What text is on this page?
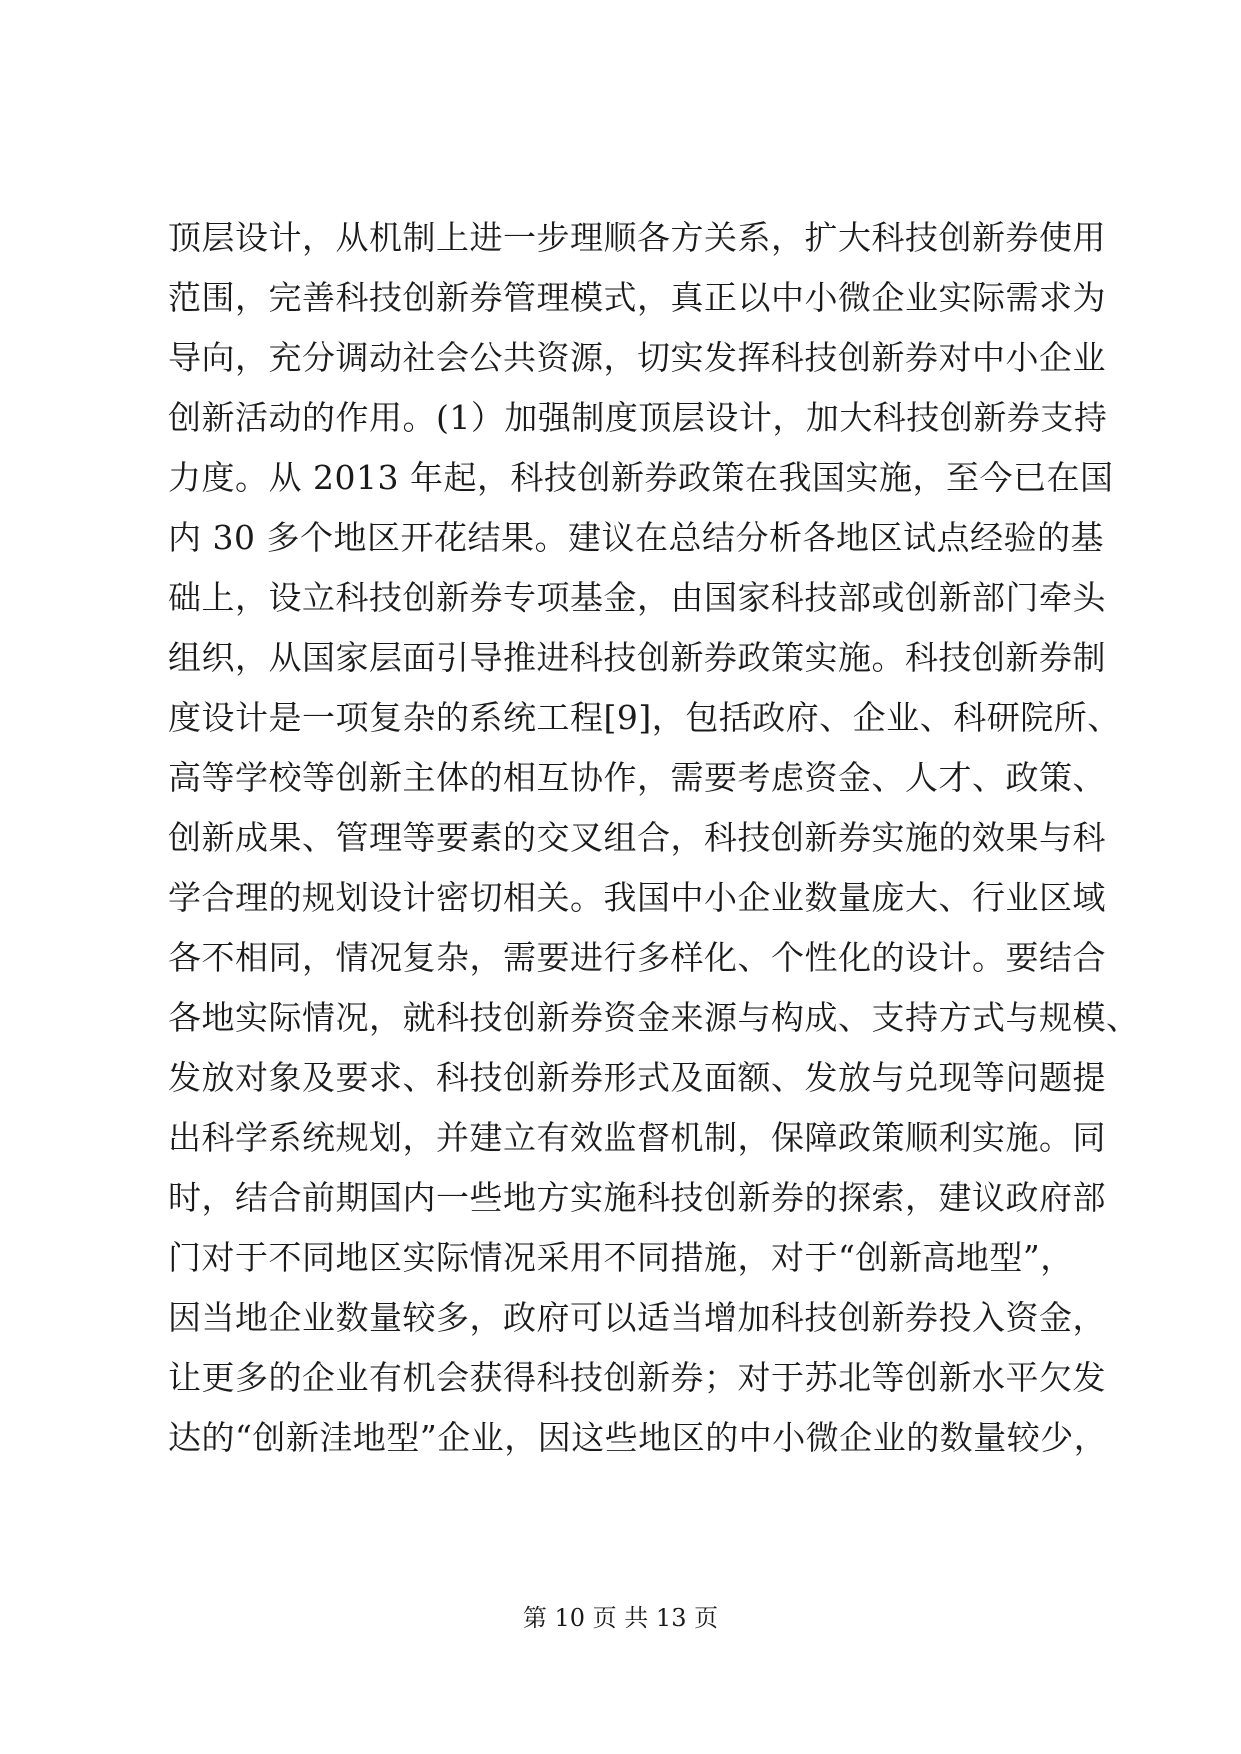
顶层设计，从机制上进一步理顺各方关系，扩大科技创新券使用
范围，完善科技创新券管理模式，真正以中小微企业实际需求为
导向，充分调动社会公共资源，切实发挥科技创新券对中小企业
创新活动的作用。(1）加强制度顶层设计，加大科技创新券支持
力度。从 2013 年起，科技创新券政策在我国实施，至今已在国
内 30 多个地区开花结果。建议在总结分析各地区试点经验的基
础上，设立科技创新券专项基金，由国家科技部或创新部门牵头
组织，从国家层面引导推进科技创新券政策实施。科技创新券制
度设计是一项复杂的系统工程[9]，包括政府、企业、科研院所、
高等学校等创新主体的相互协作，需要考虑资金、人才、政策、
创新成果、管理等要素的交叉组合，科技创新券实施的效果与科
学合理的规划设计密切相关。我国中小企业数量庞大、行业区域
各不相同，情况复杂，需要进行多样化、个性化的设计。要结合
各地实际情况，就科技创新券资金来源与构成、支持方式与规模、
发放对象及要求、科技创新券形式及面额、发放与兑现等问题提
出科学系统规划，并建立有效监督机制，保障政策顺利实施。同
时，结合前期国内一些地方实施科技创新券的探索，建议政府部
门对于不同地区实际情况采用不同措施，对于“创新高地型”，
因当地企业数量较多，政府可以适当增加科技创新券投入资金，
让更多的企业有机会获得科技创新券；对于苏北等创新水平欠发
达的“创新洼地型”企业，因这些地区的中小微企业的数量较少，
第 10 页 共 13 页
